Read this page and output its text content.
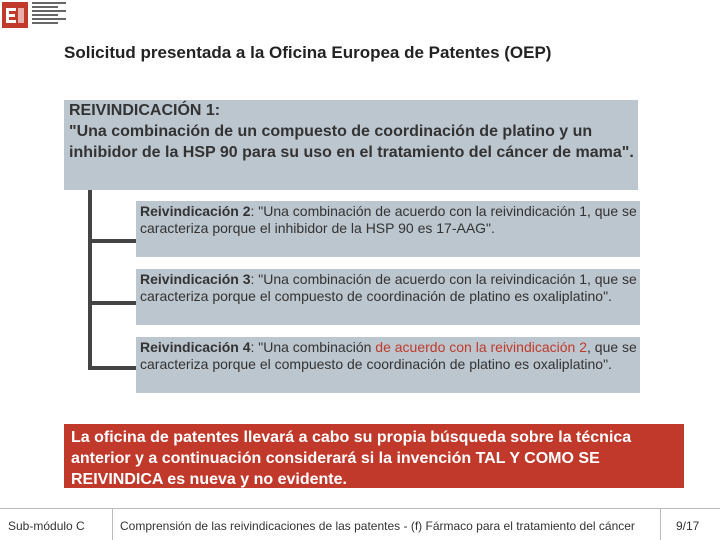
Solicitud presentada a la Oficina Europea de Patentes (OEP)
REIVINDICACIÓN 1:
"Una combinación de un compuesto de coordinación de platino y un inhibidor de la HSP 90 para su uso en el tratamiento del cáncer de mama".
Reivindicación 2: "Una combinación de acuerdo con la reivindicación 1, que se caracteriza porque el inhibidor de la HSP 90 es 17-AAG".
Reivindicación 3: "Una combinación de acuerdo con la reivindicación 1, que se caracteriza porque el compuesto de coordinación de platino es oxaliplatino".
Reivindicación 4: "Una combinación de acuerdo con la reivindicación 2, que se caracteriza porque el compuesto de coordinación de platino es oxaliplatino".
La oficina de patentes llevará a cabo su propia búsqueda sobre la técnica anterior y a continuación considerará si la invención TAL Y COMO SE REIVINDICA es nueva y no evidente.
Sub-módulo C	Comprensión de las reivindicaciones de las patentes - (f) Fármaco para el tratamiento del cáncer	9/17
